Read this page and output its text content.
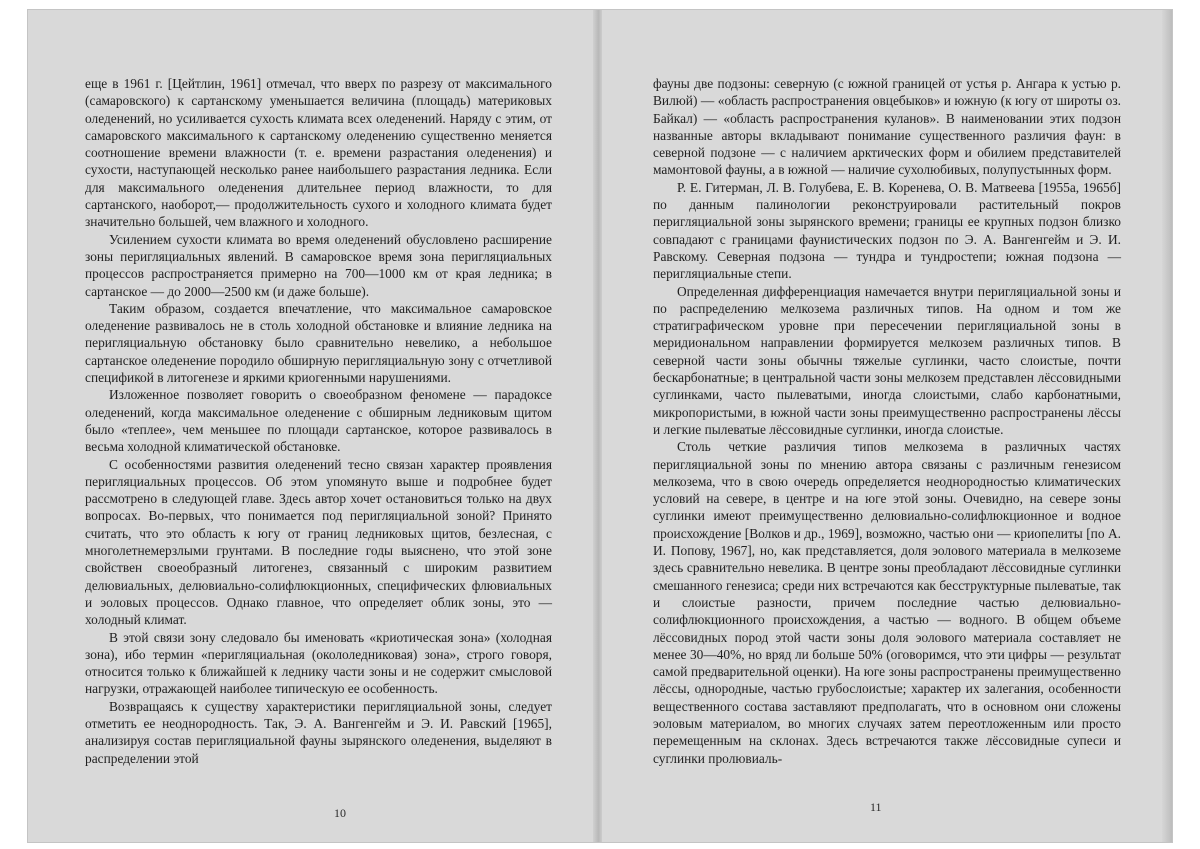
еще в 1961 г. [Цейтлин, 1961] отмечал, что вверх по разрезу от максимального (самаровского) к сартанскому уменьшается величина (площадь) материковых оледенений, но усиливается сухость климата всех оледенений. Наряду с этим, от самаровского максимального к сартанскому оледенению существенно меняется соотношение времени влажности (т. е. времени разрастания оледенения) и сухости, наступающей несколько ранее наибольшего разрастания ледника. Если для максимального оледенения длительнее период влажности, то для сартанского, наоборот,— продолжительность сухого и холодного климата будет значительно большей, чем влажного и холодного.

Усилением сухости климата во время оледенений обусловлено расширение зоны перигляциальных явлений. В самаровское время зона перигляциальных процессов распространяется примерно на 700—1000 км от края ледника; в сартанское — до 2000—2500 км (и даже больше).

Таким образом, создается впечатление, что максимальное самаровское оледенение развивалось не в столь холодной обстановке и влияние ледника на перигляциальную обстановку было сравнительно невелико, а небольшое сартанское оледенение породило обширную перигляциальную зону с отчетливой спецификой в литогенезе и яркими криогенными нарушениями.

Изложенное позволяет говорить о своеобразном феномене — парадоксе оледенений, когда максимальное оледенение с обширным ледниковым щитом было «теплее», чем меньшее по площади сартанское, которое развивалось в весьма холодной климатической обстановке.

С особенностями развития оледенений тесно связан характер проявления перигляциальных процессов. Об этом упомянуто выше и подробнее будет рассмотрено в следующей главе. Здесь автор хочет остановиться только на двух вопросах. Во-первых, что понимается под перигляциальной зоной? Принято считать, что это область к югу от границ ледниковых щитов, безлесная, с многолетнемерзлыми грунтами. В последние годы выяснено, что этой зоне свойствен своеобразный литогенез, связанный с широким развитием делювиальных, делювиально-солифлюкционных, специфических флювиальных и эоловых процессов. Однако главное, что определяет облик зоны, это — холодный климат.

В этой связи зону следовало бы именовать «криотическая зона» (холодная зона), ибо термин «перигляциальная (окололедниковая) зона», строго говоря, относится только к ближайшей к леднику части зоны и не содержит смысловой нагрузки, отражающей наиболее типическую ее особенность.

Возвращаясь к существу характеристики перигляциальной зоны, следует отметить ее неоднородность. Так, Э. А. Вангенгейм и Э. И. Равский [1965], анализируя состав перигляциальной фауны зырянского оледенения, выделяют в распределении этой

10

фауны две подзоны: северную (с южной границей от устья р. Ангара к устью р. Вилюй) — «область распространения овцебыков» и южную (к югу от широты оз. Байкал) — «область распространения куланов». В наименовании этих подзон названные авторы вкладывают понимание существенного различия фаун: в северной подзоне — с наличием арктических форм и обилием представителей мамонтовой фауны, а в южной — наличие сухолюбивых, полупустынных форм.

Р. Е. Гитерман, Л. В. Голубева, Е. В. Коренева, О. В. Матвеева [1955а, 1965б] по данным палинологии реконструировали растительный покров перигляциальной зоны зырянского времени; границы ее крупных подзон близко совпадают с границами фаунистических подзон по Э. А. Вангенгейм и Э. И. Равскому. Северная подзона — тундра и тундростепи; южная подзона — перигляциальные степи.

Определенная дифференциация намечается внутри перигляциальной зоны и по распределению мелкозема различных типов. На одном и том же стратиграфическом уровне при пересечении перигляциальной зоны в меридиональном направлении формируется мелкозем различных типов. В северной части зоны обычны тяжелые суглинки, часто слоистые, почти бескарбонатные; в центральной части зоны мелкозем представлен лёссовидными суглинками, часто пылеватыми, иногда слоистыми, слабо карбонатными, микропористыми, в южной части зоны преимущественно распространены лёссы и легкие пылеватые лёссовидные суглинки, иногда слоистые.

Столь четкие различия типов мелкозема в различных частях перигляциальной зоны по мнению автора связаны с различным генезисом мелкозема, что в свою очередь определяется неоднородностью климатических условий на севере, в центре и на юге этой зоны. Очевидно, на севере зоны суглинки имеют преимущественно делювиально-солифлюкционное и водное происхождение [Волков и др., 1969], возможно, частью они — криопелиты [по А. И. Попову, 1967], но, как представляется, доля эолового материала в мелкоземе здесь сравнительно невелика. В центре зоны преобладают лёссовидные суглинки смешанного генезиса; среди них встречаются как бесструктурные пылеватые, так и слоистые разности, причем последние частью делювиально-солифлюкционного происхождения, а частью — водного. В общем объеме лёссовидных пород этой части зоны доля эолового материала составляет не менее 30—40%, но вряд ли больше 50% (оговоримся, что эти цифры — результат самой предварительной оценки). На юге зоны распространены преимущественно лёссы, однородные, частью грубослоистые; характер их залегания, особенности вещественного состава заставляют предполагать, что в основном они сложены эоловым материалом, во многих случаях затем переотложенным или просто перемещенным на склонах. Здесь встречаются также лёссовидные супеси и суглинки пролювиаль-

11
